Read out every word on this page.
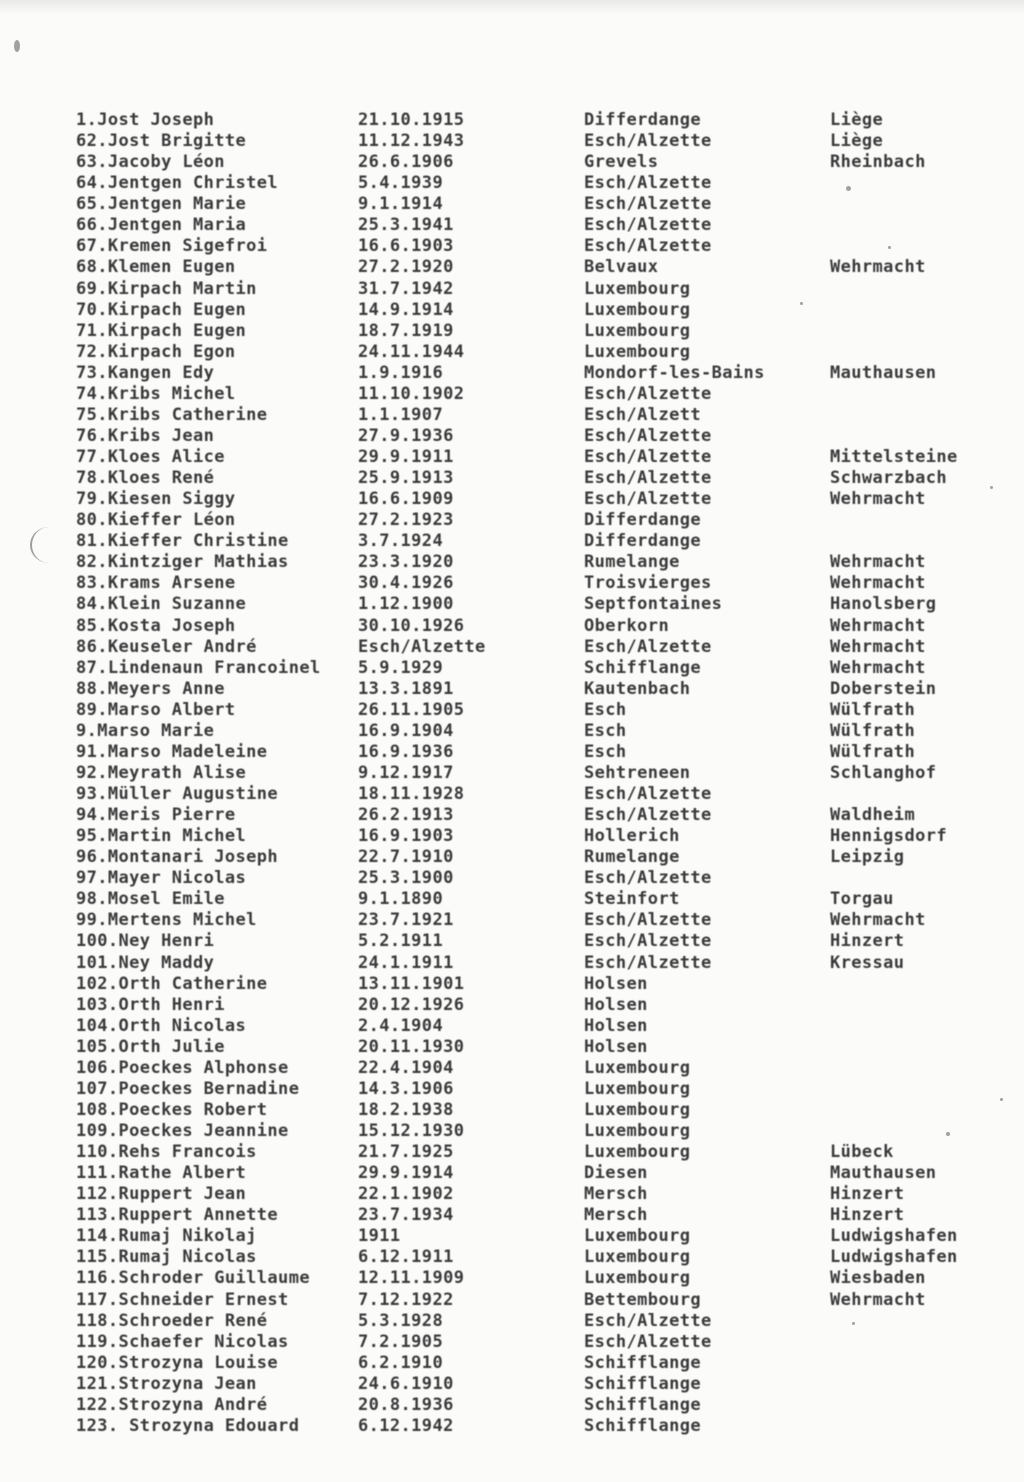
1.Jost Joseph	21.10.1915	Differdange	Liège
62.Jost Brigitte	11.12.1943	Esch/Alzette	Liège
63.Jacoby Léon	26.6.1906	Grevels	Rheinbach
64.Jentgen Christel	5.4.1939	Esch/Alzette
65.Jentgen Marie	9.1.1914	Esch/Alzette
66.Jentgen Maria	25.3.1941	Esch/Alzette
67.Kremen Sigefroi	16.6.1903	Esch/Alzette
68.Klemen Eugen	27.2.1920	Belvaux	Wehrmacht
69.Kirpach Martin	31.7.1942	Luxembourg
70.Kirpach Eugen	14.9.1914	Luxembourg
71.Kirpach Eugen	18.7.1919	Luxembourg
72.Kirpach Egon	24.11.1944	Luxembourg
73.Kangen Edy	1.9.1916	Mondorf-les-Bains	Mauthausen
74.Kribs Michel	11.10.1902	Esch/Alzette
75.Kribs Catherine	1.1.1907	Esch/Alzett
76.Kribs Jean	27.9.1936	Esch/Alzette
77.Kloes Alice	29.9.1911	Esch/Alzette	Mittelsteine
78.Kloes René	25.9.1913	Esch/Alzette	Schwarzbach
79.Kiesen Siggy	16.6.1909	Esch/Alzette	Wehrmacht
80.Kieffer Léon	27.2.1923	Differdange
81.Kieffer Christine	3.7.1924	Differdange
82.Kintziger Mathias	23.3.1920	Rumelange	Wehrmacht
83.Krams Arsene	30.4.1926	Troisvierges	Wehrmacht
84.Klein Suzanne	1.12.1900	Septfontaines	Hanolsberg
85.Kosta Joseph	30.10.1926	Oberkorn	Wehrmacht
86.Keuseler André	Esch/Alzette	Esch/Alzette	Wehrmacht
87.Lindenaun Francoinel 5.9.1929	Schifflange	Wehrmacht
88.Meyers Anne	13.3.1891	Kautenbach	Doberstein
89.Marso Albert	26.11.1905	Esch	Wülfrath
9.Marso Marie	16.9.1904	Esch	Wülfrath
91.Marso Madeleine	16.9.1936	Esch	Wülfrath
92.Meyrath Alise	9.12.1917	Sehtreneen	Schlanghof
93.Müller Augustine	18.11.1928	Esch/Alzette
94.Meris Pierre	26.2.1913	Esch/Alzette	Waldheim
95.Martin Michel	16.9.1903	Hollerich	Hennigsdorf
96.Montanari Joseph	22.7.1910	Rumelange	Leipzig
97.Mayer Nicolas	25.3.1900	Esch/Alzette
98.Mosel Emile	9.1.1890	Steinfort	Torgau
99.Mertens Michel	23.7.1921	Esch/Alzette	Wehrmacht
100.Ney Henri	5.2.1911	Esch/Alzette	Hinzert
101.Ney Maddy	24.1.1911	Esch/Alzette	Kressau
102.Orth Catherine	13.11.1901	Holsen
103.Orth Henri	20.12.1926	Holsen
104.Orth Nicolas	2.4.1904	Holsen
105.Orth Julie	20.11.1930	Holsen
106.Poeckes Alphonse	22.4.1904	Luxembourg
107.Poeckes Bernadine	14.3.1906	Luxembourg
108.Poeckes Robert	18.2.1938	Luxembourg
109.Poeckes Jeannine	15.12.1930	Luxembourg
110.Rehs Francois	21.7.1925	Luxembourg	Lübeck
111.Rathe Albert	29.9.1914	Diesen	Mauthausen
112.Ruppert Jean	22.1.1902	Mersch	Hinzert
113.Ruppert Annette	23.7.1934	Mersch	Hinzert
114.Rumaj Nikolaj	1911	Luxembourg	Ludwigshafen
115.Rumaj Nicolas	6.12.1911	Luxembourg	Ludwigshafen
116.Schroder Guillaume	12.11.1909	Luxembourg	Wiesbaden
117.Schneider Ernest	7.12.1922	Bettembourg	Wehrmacht
118.Schroeder René	5.3.1928	Esch/Alzette
119.Schaefer Nicolas	7.2.1905	Esch/Alzette
120.Strozyna Louise	6.2.1910	Schifflange
121.Strozyna Jean	24.6.1910	Schifflange
122.Strozyna André	20.8.1936	Schifflange
123. Strozyna Edouard	6.12.1942	Schifflange
